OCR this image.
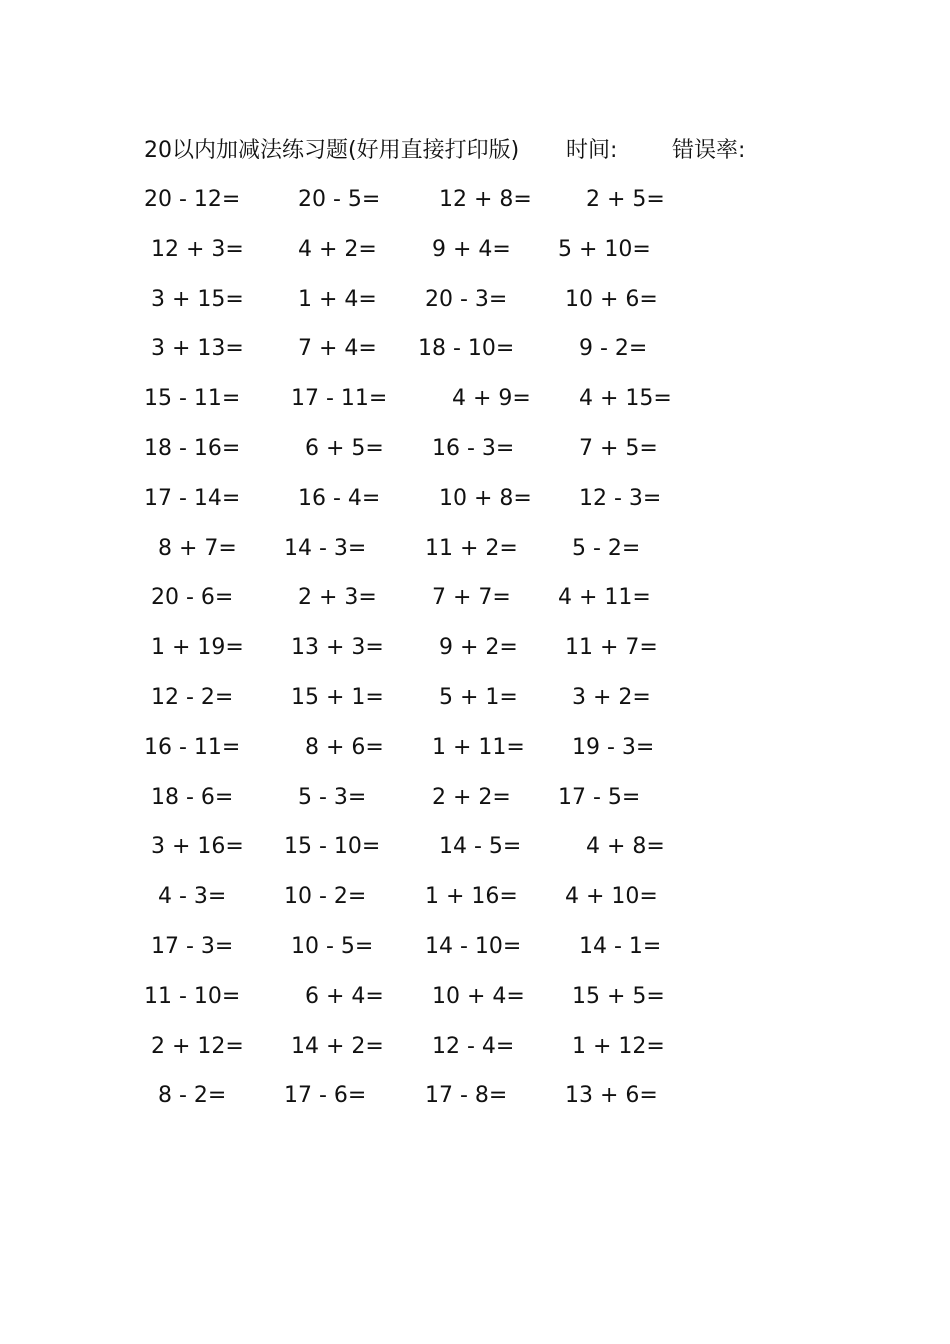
20以内加减法练习题(好用直接打印版)

时间:

错误率:

20 - 12=	20 - 5=	12 + 8= 2 + 5=
12 + 3= 4 + 2=	9 + 4= 5 + 10=
3 + 15= 1 + 4= 20 - 3=	10 + 6=
3 + 13= 7 + 4= 18 - 10=	9 - 2=
15 - 11= 17 - 11=	4 + 9= 4 + 15=
18 - 16=	6 + 5= 16 - 3=	7 + 5=
17 - 14=	16 - 4=	10 + 8= 12 - 3=
8 + 7= 14 - 3=	11 + 2= 5 - 2=
20 - 6=	2 + 3=	7 + 7= 4 + 11=
1 + 19= 13 + 3=	9 + 2= 11 + 7=
12 - 2=	15 + 1=	5 + 1= 3 + 2=
16 - 11=	8 + 6= 1 + 11= 19 - 3=
18 - 6=	5 - 3=	2 + 2= 17 - 5=
3 + 16= 15 - 10=	14 - 5=	4 + 8=
4 - 3=	10 - 2=	1 + 16= 4 + 10=
17 - 3=	10 - 5= 14 - 10=	14 - 1=
11 - 10=	6 + 4= 10 + 4= 15 + 5=
2 + 12= 14 + 2= 12 - 4=	1 + 12=
8 - 2=	17 - 6=	17 - 8=	13 + 6=
